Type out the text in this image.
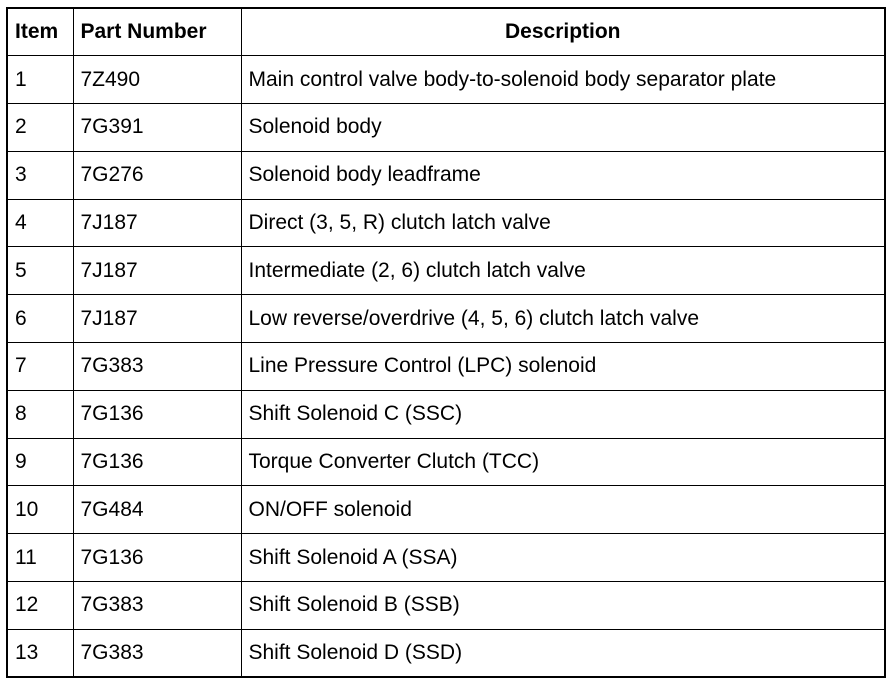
Item	Part Number	Description
1	7Z490	Main control valve body-to-solenoid body separator plate
2	7G391	Solenoid body
3	7G276	Solenoid body leadframe
4	7J187	Direct (3, 5, R) clutch latch valve
5	7J187	Intermediate (2, 6) clutch latch valve
6	7J187	Low reverse/overdrive (4, 5, 6) clutch latch valve
7	7G383	Line Pressure Control (LPC) solenoid
8	7G136	Shift Solenoid C (SSC)
9	7G136	Torque Converter Clutch (TCC)
10	7G484	ON/OFF solenoid
11	7G136	Shift Solenoid A (SSA)
12	7G383	Shift Solenoid B (SSB)
13	7G383	Shift Solenoid D (SSD)
